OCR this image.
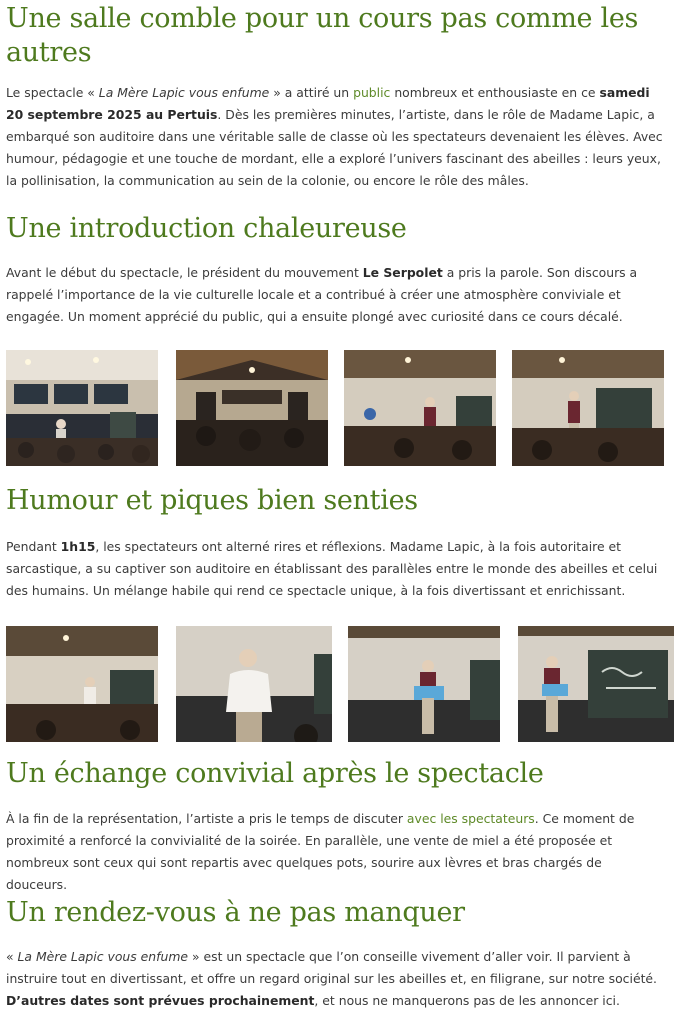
Une salle comble pour un cours pas comme les autres

Le spectacle « La Mère Lapic vous enfume » a attiré un public nombreux et enthousiaste en ce samedi 20 septembre 2025 au Pertuis. Dès les premières minutes, l’artiste, dans le rôle de Madame Lapic, a embarqué son auditoire dans une véritable salle de classe où les spectateurs devenaient les élèves. Avec humour, pédagogie et une touche de mordant, elle a exploré l’univers fascinant des abeilles : leurs yeux, la pollinisation, la communication au sein de la colonie, ou encore le rôle des mâles.

Une introduction chaleureuse

Avant le début du spectacle, le président du mouvement Le Serpolet a pris la parole. Son discours a rappelé l’importance de la vie culturelle locale et a contribué à créer une atmosphère conviviale et engagée. Un moment apprécié du public, qui a ensuite plongé avec curiosité dans ce cours décalé.

Humour et piques bien senties

Pendant 1h15, les spectateurs ont alterné rires et réflexions. Madame Lapic, à la fois autoritaire et sarcastique, a su captiver son auditoire en établissant des parallèles entre le monde des abeilles et celui des humains. Un mélange habile qui rend ce spectacle unique, à la fois divertissant et enrichissant.

Un échange convivial après le spectacle

À la fin de la représentation, l’artiste a pris le temps de discuter avec les spectateurs. Ce moment de proximité a renforcé la convivialité de la soirée. En parallèle, une vente de miel a été proposée et nombreux sont ceux qui sont repartis avec quelques pots, sourire aux lèvres et bras chargés de douceurs.

Un rendez-vous à ne pas manquer

« La Mère Lapic vous enfume » est un spectacle que l’on conseille vivement d’aller voir. Il parvient à instruire tout en divertissant, et offre un regard original sur les abeilles et, en filigrane, sur notre société. D’autres dates sont prévues prochainement, et nous ne manquerons pas de les annoncer ici.
